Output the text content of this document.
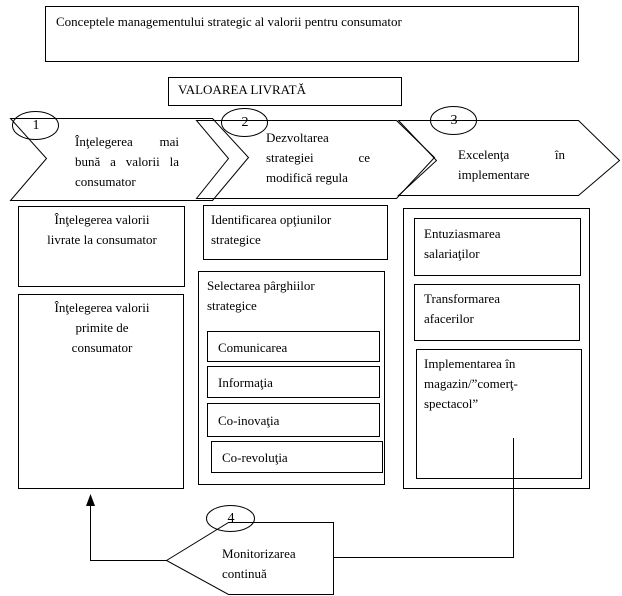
Conceptele managementului strategic al valorii pentru consumator

VALOAREA LIVRATĂ

1

Înţelegerea mai

bună a valorii la

consumator

2

Dezvoltarea

strategiei ce

modifică regula

3

Excelenţa în

implementare

Înţelegerea valorii

livrate la consumator

Înţelegerea valorii

primite de

consumator

Identificarea opţiunilor

strategice

Selectarea pârghiilor

strategice

Comunicarea

Informaţia

Co-inovaţia

Co-revoluţia

Entuziasmarea

salariaţilor

Transformarea

afacerilor

Implementarea în

magazin/”comerţ-

spectacol”

4

Monitorizarea

continuă
